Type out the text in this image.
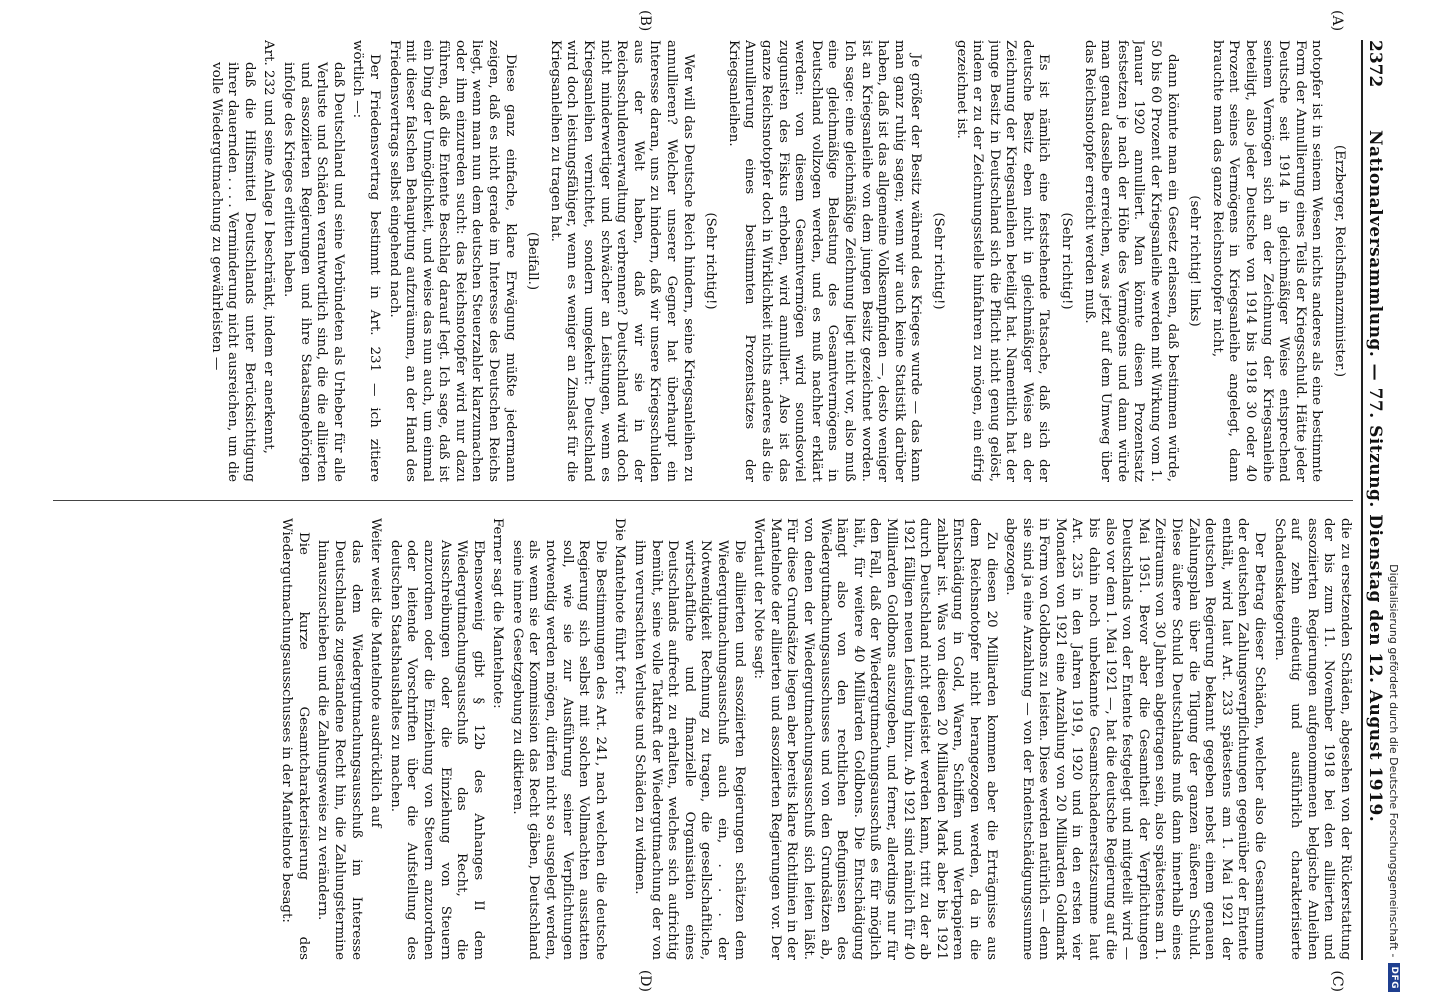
2372
Nationalversammlung. — 77. Sitzung. Dienstag den 12. August 1919.
(A)
(B)
(C)
(D)

(Erzberger, Reichsfinanzminister.)

notopfer ist in seinem Wesen nichts anderes als eine bestimmte Form der Annullierung eines Teils der Kriegsschuld. Hätte jeder Deutsche seit 1914 in gleichmäßiger Weise entsprechend seinem Vermögen sich an der Zeichnung der Kriegsanleihe beteiligt, also jeder Deutsche von 1914 bis 1918 30 oder 40 Prozent seines Vermögens in Kriegsanleihe angelegt, dann brauchte man das ganze Reichsnotopfer nicht,

(sehr richtig! links)

dann könnte man ein Gesetz erlassen, daß bestimmen würde, 50 bis 60 Prozent der Kriegsanleihe werden mit Wirkung vom 1. Januar 1920 annulliert. Man könnte diesen Prozentsatz festsetzen je nach der Höhe des Vermögens und dann würde man genau dasselbe erreichen, was jetzt auf dem Umweg über das Reichsnotopfer erreicht werden muß.

(Sehr richtig!)

Es ist nämlich eine feststehende Tatsache, daß sich der deutsche Besitz eben nicht in gleichmäßiger Weise an der Zeichnung der Kriegsanleihen beteiligt hat. Namentlich hat der junge Besitz in Deutschland sich die Pflicht nicht genug gelöst, indem er zu der Zeichnungsstelle hinfahren zu mögen, ein eifrig gezeichnet ist.

(Sehr richtig!)

Je größer der Besitz während des Krieges wurde — das kann man ganz ruhig sagen; wenn wir auch keine Statistik darüber haben, daß ist das allgemeine Volksempfinden —, desto weniger ist an Kriegsanleihe von dem jungen Besitz gezeichnet worden. Ich sage: eine gleichmäßige Zeichnung liegt nicht vor, also muß eine gleichmäßige Belastung des Gesamtvermögens in Deutschland vollzogen werden, und es muß nachher erklärt werden: von diesem Gesamtvermögen wird soundsoviel zugunsten des Fiskus erhoben, wird annulliert. Also ist das ganze Reichsnotopfer doch in Wirklichkeit nichts anderes als die Annullierung eines bestimmten Prozentsatzes der Kriegsanleihen.

(Sehr richtig!)

Wer will das Deutsche Reich hindern, seine Kriegsanleihen zu annullieren? Welcher unserer Gegner hat überhaupt ein Interesse daran, uns zu hindern, daß wir unsere Kriegsschulden aus der Welt haben, daß wir sie in der Reichsschuldenverwaltung verbrennen? Deutschland wird doch nicht minderwertiger und schwächer an Leistungen, wenn es Kriegsanleihen vernichtet, sondern umgekehrt: Deutschland wird doch leistungsfähiger, wenn es weniger an Zinslast für die Kriegsanleihen zu tragen hat.

(Beifall.)

Diese ganz einfache, klare Erwägung müßte jedermann zeigen, daß es nicht gerade im Interesse des Deutschen Reichs liegt, wenn man nun dem deutschen Steuerzahler klarzumachen oder ihm einzureden sucht: das Reichsnotopfer wird nur dazu führen, daß die Entente Beschlag darauf legt. Ich sage, daß ist ein Ding der Unmöglichkeit, und weise das nun auch, um einmal mit dieser falschen Behauptung aufzuräumen, an der Hand des Friedensvertrags selbst eingehend nach.

Der Friedensvertrag bestimmt in Art. 231 — ich zitiere wörtlich —:

daß Deutschland und seine Verbündeten als Urheber für alle Verluste und Schäden verantwortlich sind, die die alliierten und assoziierten Regierungen und ihre Staatsangehörigen infolge des Krieges erlitten haben.

Art. 232 und seine Anlage I beschränkt, indem er anerkennt,

daß die Hilfsmittel Deutschlands unter Berücksichtigung ihrer dauernden . . . . Verminderung nicht ausreichen, um die volle Wiedergutmachung zu gewährleisten —

die zu ersetzenden Schäden, abgesehen von der Rückerstattung der bis zum 11. November 1918 bei den alliierten und assoziierten Regierungen aufgenommenen belgische Anleihen auf zehn eindeutig und ausführlich charakterisierte Schadenskategorien.

Der Betrag dieser Schäden, welcher also die Gesamtsumme der deutschen Zahlungsverpflichtungen gegenüber der Entente enthält, wird laut Art. 233 spätestens am 1. Mai 1921 der deutschen Regierung bekannt gegeben nebst einem genauen Zahlungsplan über die Tilgung der ganzen äußeren Schuld. Diese äußere Schuld Deutschlands muß dann innerhalb eines Zeitraums von 30 Jahren abgetragen sein, also spätestens am 1. Mai 1951. Bevor aber die Gesamtheit der Verpflichtungen Deutschlands von der Entente festgelegt und mitgeteilt wird — also vor dem 1. Mai 1921 —, hat die deutsche Regierung auf die bis dahin noch unbekannte Gesamtschadenersatzsumme laut Art. 235 in den Jahren 1919, 1920 und in den ersten vier Monaten von 1921 eine Anzahlung von 20 Milliarden Goldmark in Form von Goldbons zu leisten. Diese werden natürlich — denn sie sind ja eine Anzahlung — von der Endentschädigungssumme abgezogen.

Zu diesen 20 Milliarden kommen aber die Erträgnisse aus dem Reichsnotopfer nicht herangezogen werden, da in die Entschädigung in Gold, Waren, Schiffen und Wertpapieren zahlbar ist. Was von diesen 20 Milliarden Mark aber bis 1921 durch Deutschland nicht geleistet werden kann, tritt zu der ab 1921 fälligen neuen Leistung hinzu. Ab 1921 sind nämlich für 40 Milliarden Goldbons auszugeben, und ferner, allerdings nur für den Fall, daß der Wiedergutmachungsausschuß es für möglich hält, für weitere 40 Milliarden Goldbons. Die Entschädigung hängt also von den rechtlichen Befugnissen des Wiedergutmachungsausschusses und von den Grundsätzen ab, von denen der Wiedergutmachungsausschuß sich leiten läßt. Für diese Grundsätze liegen aber bereits klare Richtlinien in der Mantelnote der alliierten und assoziierten Regierungen vor. Der Wortlaut der Note sagt:

Die alliierten und assoziierten Regierungen schätzen dem Wiedergutmachungsausschuß auch ein, . . . der Notwendigkeit Rechnung zu tragen, die gesellschaftliche, wirtschaftliche und finanzielle Organisation eines Deutschlands aufrecht zu erhalten, welches sich aufrichtig bemüht, seine volle Tatkraft der Wiedergutmachung der von ihm verursachten Verluste und Schäden zu widmen.

Die Mantelnote führt fort:

Die Bestimmungen des Art. 241, nach welchen die deutsche Regierung sich selbst mit solchen Vollmachten ausstatten soll, wie sie zur Ausführung seiner Verpflichtungen notwendig werden mögen, dürfen nicht so ausgelegt werden, als wenn sie der Kommission das Recht gäben, Deutschland seine innere Gesetzgebung zu diktieren.

Ferner sagt die Mantelnote:

Ebensowenig gibt § 12b des Anhanges II dem Wiedergutmachungsausschuß das Recht, die Ausschreibungen oder die Einziehung von Steuern anzuordnen oder die Einziehung von Steuern anzuordnen oder leitende Vorschriften über die Aufstellung des deutschen Staatshaushaltes zu machen.

Weiter weist die Mantelnote ausdrücklich auf

das dem Wiedergutmachungsausschuß im Interesse Deutschlands zugestandene Recht hin, die Zahlungstermine hinauszuschieben und die Zahlungsweise zu verändern.

Die kurze Gesamtcharakterisierung des Wiedergutmachungsausschusses in der Mantelnote besagt:	Digitalisierung gefördert durch die Deutsche Forschungsgemeinschaft -
DFG
